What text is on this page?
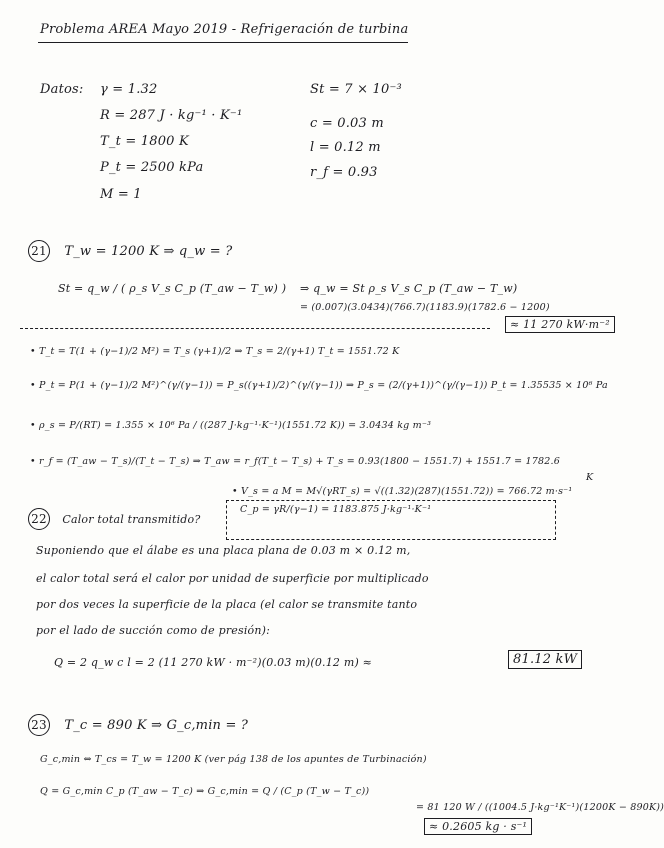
Problema AREA Mayo 2019 - Refrigeración de turbina
Datos: γ = 1.32
R = 287 J · kg⁻¹ · K⁻¹
T_t = 1800 K
P_t = 2500 kPa
M = 1
St = 7 × 10⁻³
c = 0.03 m
l = 0.12 m
r_f = 0.93
21 T_w = 1200 K ⇒ q_w = ?
St = q_w / ( ρ_s V_s C_p (T_aw − T_w) ) ⇒ q_w = St ρ_s V_s C_p (T_aw − T_w)
= (0.007)(3.0434)(766.7)(1183.9)(1782.6 − 1200)
≈ 11 270 kW·m⁻²
• T_t = T(1 + (γ−1)/2 M²) = T_s (γ+1)/2 ⇒ T_s = 2/(γ+1) T_t = 1551.72 K
• P_t = P(1 + (γ−1)/2 M²)^(γ/(γ−1)) = P_s((γ+1)/2)^(γ/(γ−1)) ⇒ P_s = (2/(γ+1))^(γ/(γ−1)) P_t = 1.35535 × 10⁶ Pa
• ρ_s = P/(RT) = 1.355 × 10⁶ Pa / ((287 J·kg⁻¹·K⁻¹)(1551.72 K)) = 3.0434 kg m⁻³
• r_f = (T_aw − T_s)/(T_t − T_s) ⇒ T_aw = r_f(T_t − T_s) + T_s = 0.93(1800 − 1551.7) + 1551.7 = 1782.6
K
• V_s = a M = M√(γRT_s) = √((1.32)(287)(1551.72)) = 766.72 m·s⁻¹
C_p = γR/(γ−1) = 1183.875 J·kg⁻¹·K⁻¹
22 Calor total transmitido?
Suponiendo que el álabe es una placa plana de 0.03 m × 0.12 m,
el calor total será el calor por unidad de superficie por multiplicado
por dos veces la superficie de la placa (el calor se transmite tanto
por el lado de succión como de presión):
Q = 2 q_w c l = 2 (11 270 kW · m⁻²)(0.03 m)(0.12 m) ≈	81.12 kW
23 T_c = 890 K ⇒ G_c,min = ?
G_c,min ⇔ T_cs = T_w = 1200 K (ver pág 138 de los apuntes de Turbinación)
Q = G_c,min C_p (T_aw − T_c) ⇒ G_c,min = Q / (C_p (T_w − T_c))
= 81 120 W / ((1004.5 J·kg⁻¹K⁻¹)(1200K − 890K))
≈ 0.2605 kg · s⁻¹
